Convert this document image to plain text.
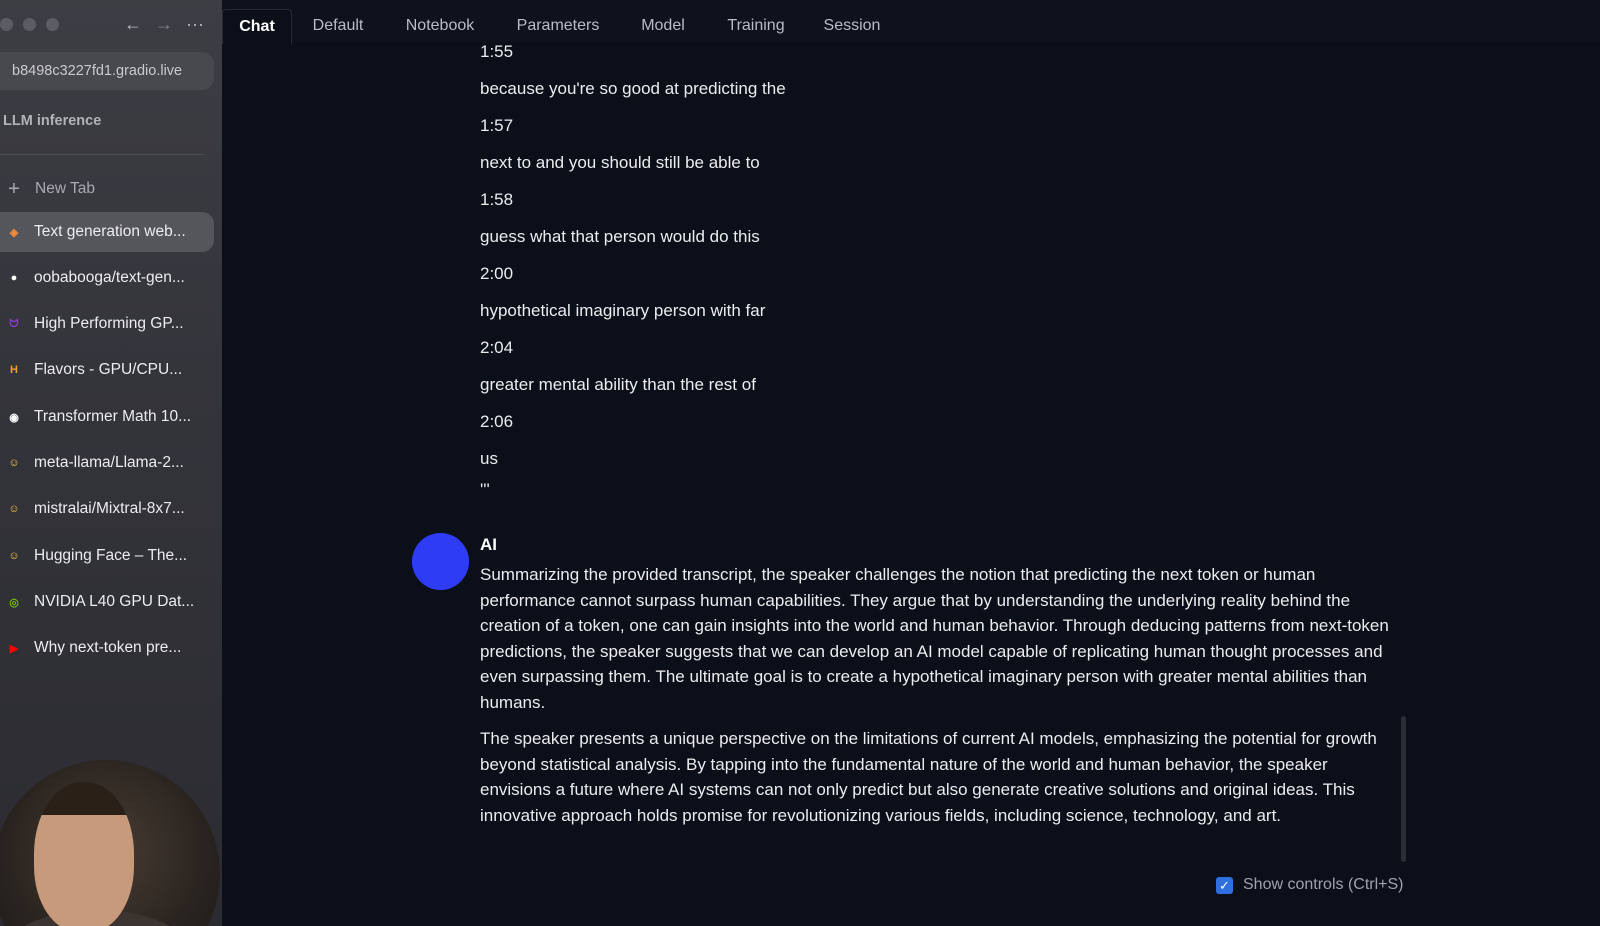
← → ···
b8498c3227fd1.gradio.live
LLM inference
+ New Tab
◈	Text generation web...
●	oobabooga/text-gen...
ᗢ High Performing GP...
H	Flavors - GPU/CPU...
◉ Transformer Math 10...
☺ meta-llama/Llama-2...
☺ mistralai/Mixtral-8x7...
☺ Hugging Face – The...
◎ NVIDIA L40 GPU Dat...
▶	Why next-token pre...
Chat	Default	Notebook	Parameters	Model	Training	Session
1:55
because you're so good at predicting the
1:57
next to and you should still be able to
1:58
guess what that person would do this
2:00
hypothetical imaginary person with far
2:04
greater mental ability than the rest of
2:06
us
'''
AI

Summarizing the provided transcript, the speaker challenges the notion that predicting the next token or human performance cannot surpass human capabilities. They argue that by understanding the underlying reality behind the creation of a token, one can gain insights into the world and human behavior. Through deducing patterns from next-token predictions, the speaker suggests that we can develop an AI model capable of replicating human thought processes and even surpassing them. The ultimate goal is to create a hypothetical imaginary person with greater mental abilities than humans.

The speaker presents a unique perspective on the limitations of current AI models, emphasizing the potential for growth beyond statistical analysis. By tapping into the fundamental nature of the world and human behavior, the speaker envisions a future where AI systems can not only predict but also generate creative solutions and original ideas. This innovative approach holds promise for revolutionizing various fields, including science, technology, and art.

✓ Show controls (Ctrl+S)
